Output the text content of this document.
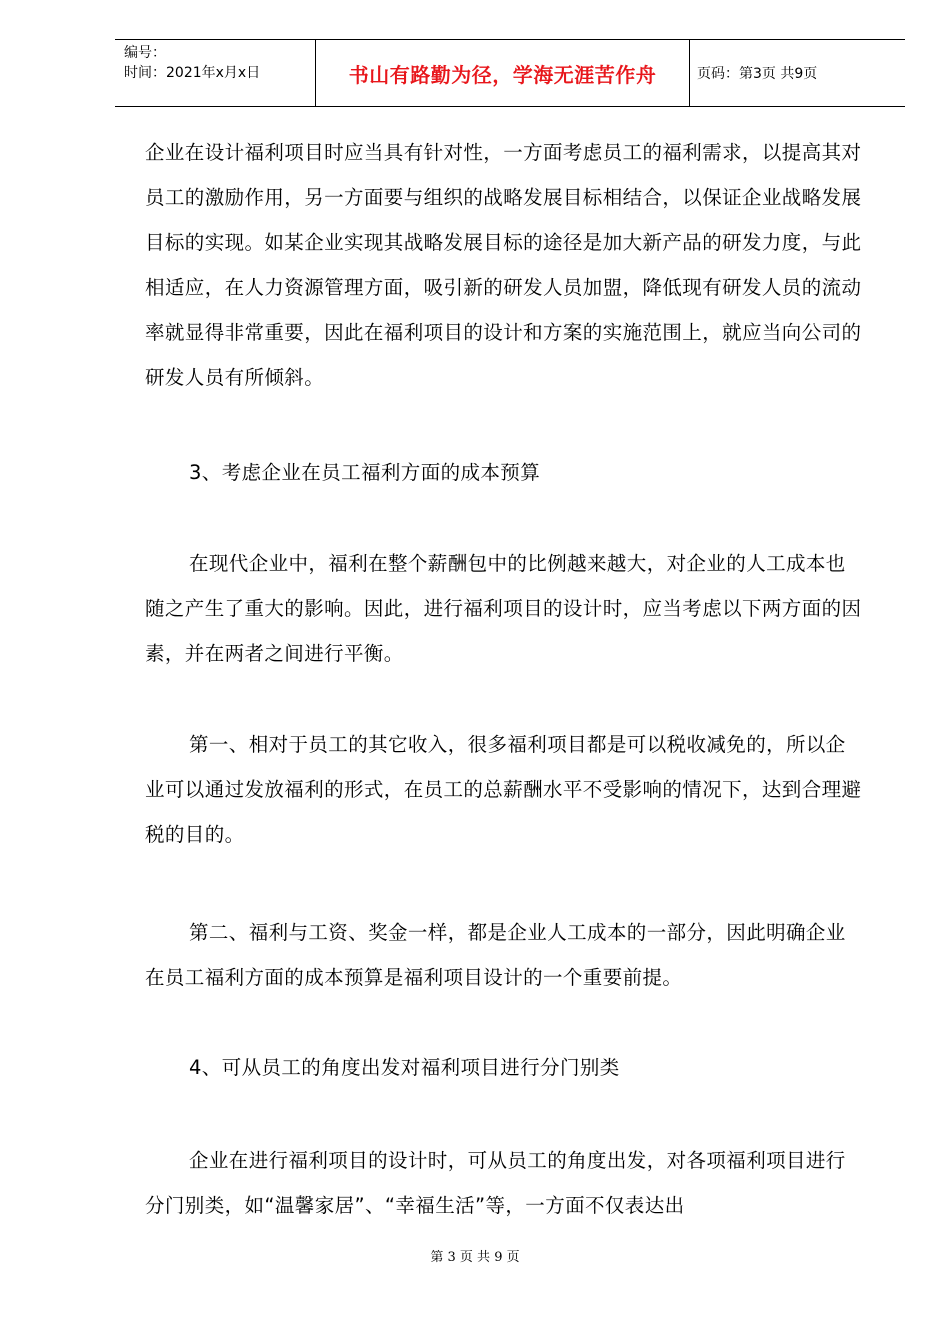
编号：
时间：2021年x月x日	书山有路勤为径，学海无涯苦作舟	页码：第3页 共9页

企业在设计福利项目时应当具有针对性，一方面考虑员工的福利需求，以提高其对员工的激励作用，另一方面要与组织的战略发展目标相结合，以保证企业战略发展目标的实现。如某企业实现其战略发展目标的途径是加大新产品的研发力度，与此相适应，在人力资源管理方面，吸引新的研发人员加盟，降低现有研发人员的流动率就显得非常重要，因此在福利项目的设计和方案的实施范围上，就应当向公司的研发人员有所倾斜。

3、考虑企业在员工福利方面的成本预算

在现代企业中，福利在整个薪酬包中的比例越来越大，对企业的人工成本也随之产生了重大的影响。因此，进行福利项目的设计时，应当考虑以下两方面的因素，并在两者之间进行平衡。

第一、相对于员工的其它收入，很多福利项目都是可以税收减免的，所以企业可以通过发放福利的形式，在员工的总薪酬水平不受影响的情况下，达到合理避税的目的。

第二、福利与工资、奖金一样，都是企业人工成本的一部分，因此明确企业在员工福利方面的成本预算是福利项目设计的一个重要前提。

4、可从员工的角度出发对福利项目进行分门别类

企业在进行福利项目的设计时，可从员工的角度出发，对各项福利项目进行分门别类，如“温馨家居”、“幸福生活”等，一方面不仅表达出

第 3 页 共 9 页
